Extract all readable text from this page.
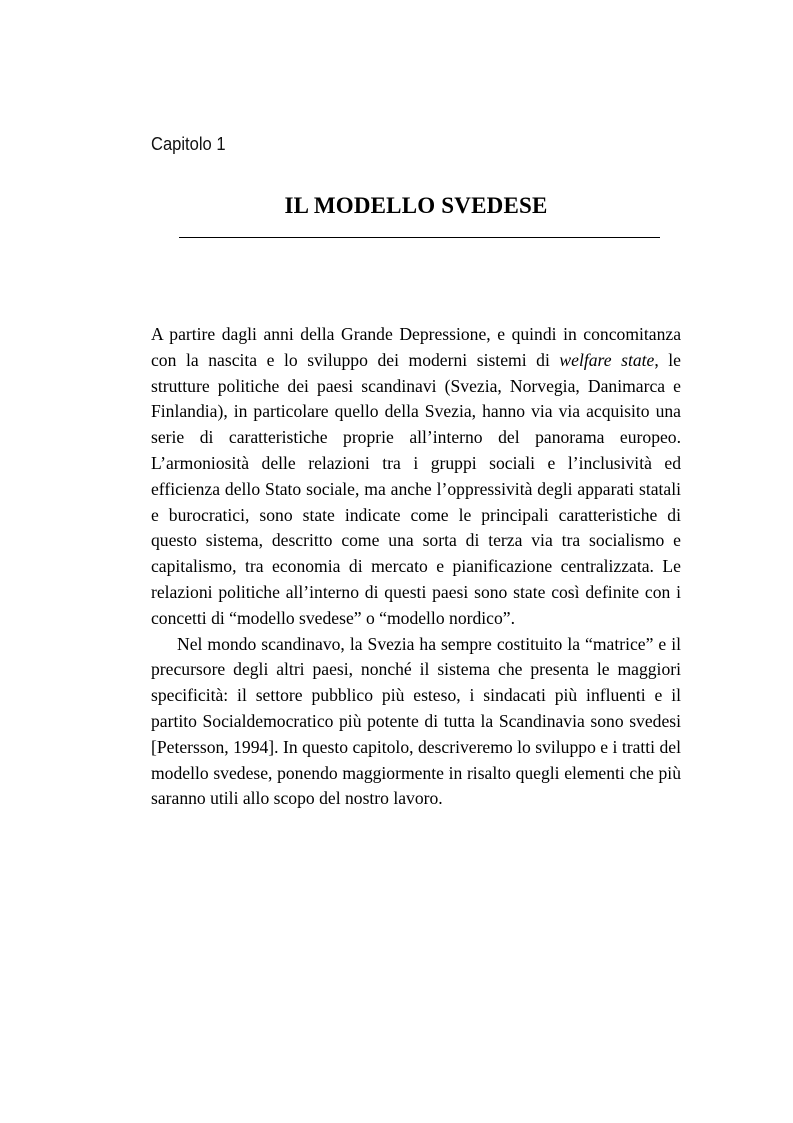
Capitolo 1
IL MODELLO SVEDESE

A partire dagli anni della Grande Depressione, e quindi in concomitanza con la nascita e lo sviluppo dei moderni sistemi di welfare state, le strutture politiche dei paesi scandinavi (Svezia, Norvegia, Danimarca e Finlandia), in particolare quello della Svezia, hanno via via acquisito una serie di caratteristiche proprie all’interno del panorama europeo. L’armoniosità delle relazioni tra i gruppi sociali e l’inclusività ed efficienza dello Stato sociale, ma anche l’oppressività degli apparati statali e burocratici, sono state indicate come le principali caratteristiche di questo sistema, descritto come una sorta di terza via tra socialismo e capitalismo, tra economia di mercato e pianificazione centralizzata. Le relazioni politiche all’interno di questi paesi sono state così definite con i concetti di “modello svedese” o “modello nordico”.

Nel mondo scandinavo, la Svezia ha sempre costituito la “matrice” e il precursore degli altri paesi, nonché il sistema che presenta le maggiori specificità: il settore pubblico più esteso, i sindacati più influenti e il partito Socialdemocratico più potente di tutta la Scandinavia sono svedesi [Petersson, 1994]. In questo capitolo, descriveremo lo sviluppo e i tratti del modello svedese, ponendo maggiormente in risalto quegli elementi che più saranno utili allo scopo del nostro lavoro.
